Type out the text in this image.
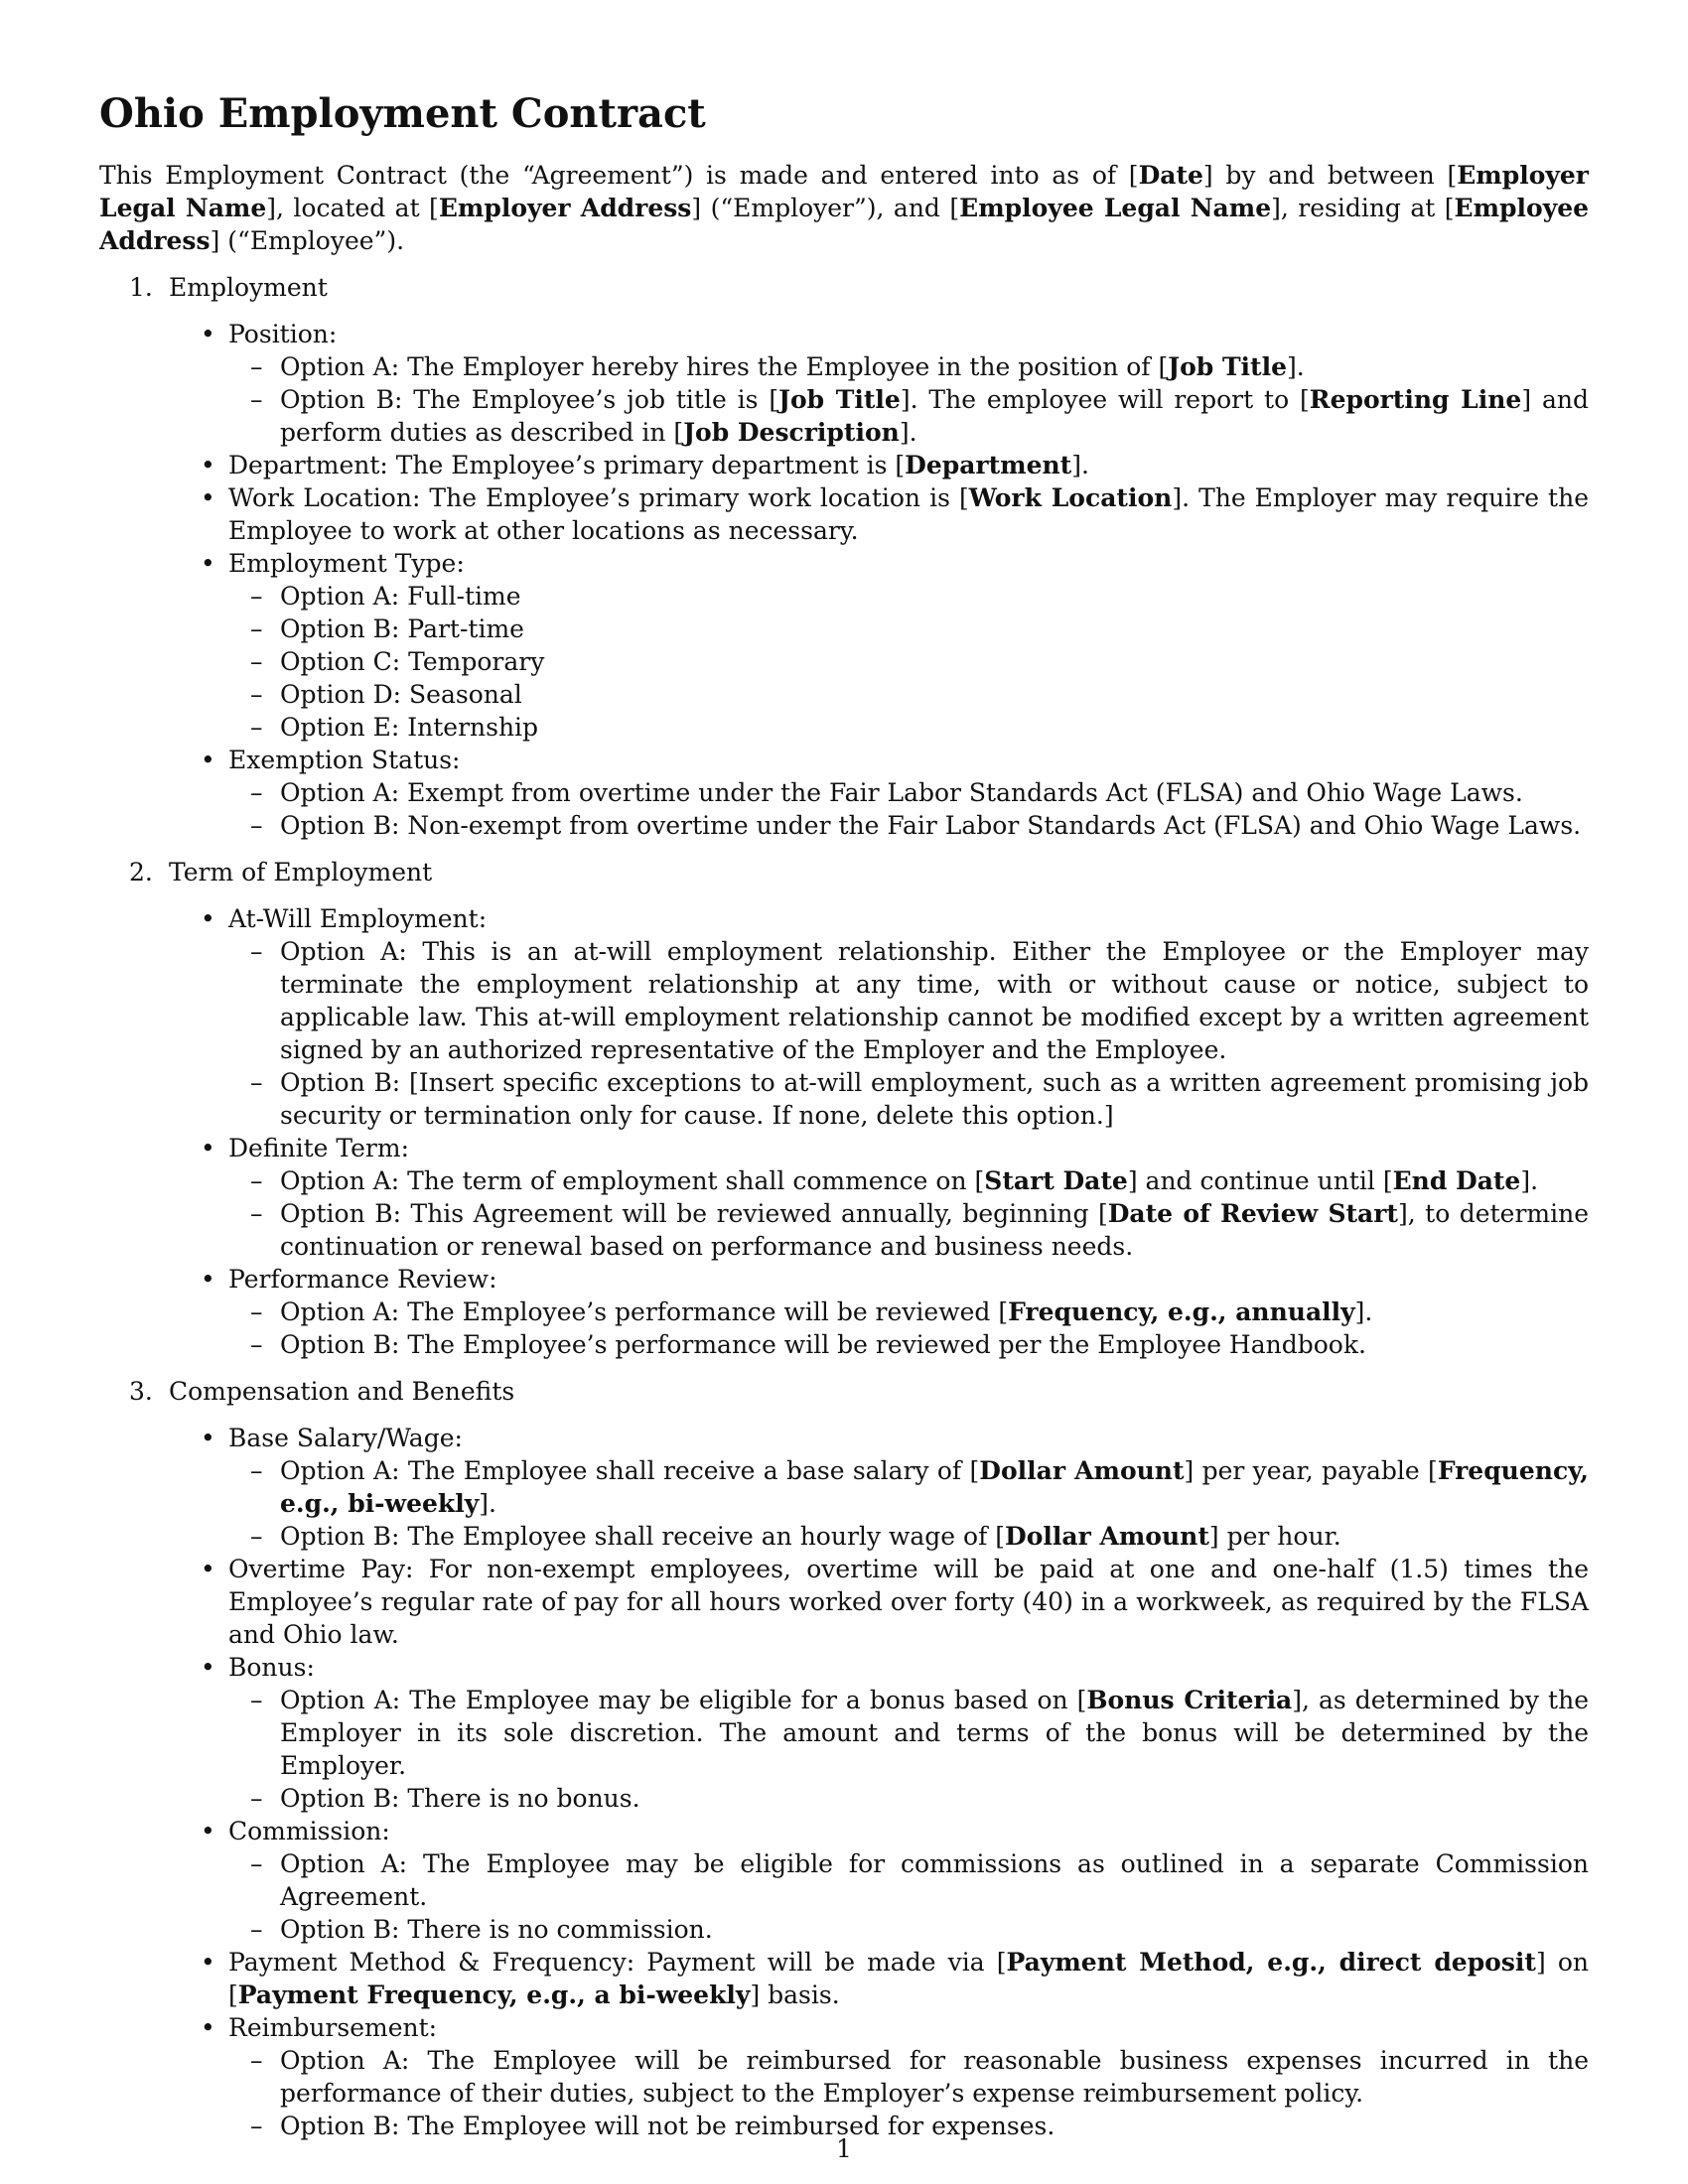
Ohio Employment Contract

This Employment Contract (the “Agreement”) is made and entered into as of [Date] by and between [Employer Legal Name], located at [Employer Address] (“Employer”), and [Employee Legal Name], residing at [Employee Address] (“Employee”).

1. Employment
• Position:
– Option A: The Employer hereby hires the Employee in the position of [Job Title].
– Option B: The Employee’s job title is [Job Title]. The employee will report to [Reporting Line] and perform duties as described in [Job Description].
• Department: The Employee’s primary department is [Department].
• Work Location: The Employee’s primary work location is [Work Location]. The Employer may require the Employee to work at other locations as necessary.
• Employment Type:
– Option A: Full-time
– Option B: Part-time
– Option C: Temporary
– Option D: Seasonal
– Option E: Internship
• Exemption Status:
– Option A: Exempt from overtime under the Fair Labor Standards Act (FLSA) and Ohio Wage Laws.
– Option B: Non-exempt from overtime under the Fair Labor Standards Act (FLSA) and Ohio Wage Laws.
2. Term of Employment
• At-Will Employment:
– Option A: This is an at-will employment relationship. Either the Employee or the Employer may terminate the employment relationship at any time, with or without cause or notice, subject to applicable law. This at-will employment relationship cannot be modified except by a written agreement signed by an authorized representative of the Employer and the Employee.
– Option B: [Insert specific exceptions to at-will employment, such as a written agreement promising job security or termination only for cause. If none, delete this option.]
• Definite Term:
– Option A: The term of employment shall commence on [Start Date] and continue until [End Date].
– Option B: This Agreement will be reviewed annually, beginning [Date of Review Start], to determine continuation or renewal based on performance and business needs.
• Performance Review:
– Option A: The Employee’s performance will be reviewed [Frequency, e.g., annually].
– Option B: The Employee’s performance will be reviewed per the Employee Handbook.
3. Compensation and Benefits
• Base Salary/Wage:
– Option A: The Employee shall receive a base salary of [Dollar Amount] per year, payable [Frequency, e.g., bi-weekly].
– Option B: The Employee shall receive an hourly wage of [Dollar Amount] per hour.
• Overtime Pay: For non-exempt employees, overtime will be paid at one and one-half (1.5) times the Employee’s regular rate of pay for all hours worked over forty (40) in a workweek, as required by the FLSA and Ohio law.
• Bonus:
– Option A: The Employee may be eligible for a bonus based on [Bonus Criteria], as determined by the Employer in its sole discretion. The amount and terms of the bonus will be determined by the Employer.
– Option B: There is no bonus.
• Commission:
– Option A: The Employee may be eligible for commissions as outlined in a separate Commission Agreement.
– Option B: There is no commission.
• Payment Method & Frequency: Payment will be made via [Payment Method, e.g., direct deposit] on [Payment Frequency, e.g., a bi-weekly] basis.
• Reimbursement:
– Option A: The Employee will be reimbursed for reasonable business expenses incurred in the performance of their duties, subject to the Employer’s expense reimbursement policy.
– Option B: The Employee will not be reimbursed for expenses.
1
